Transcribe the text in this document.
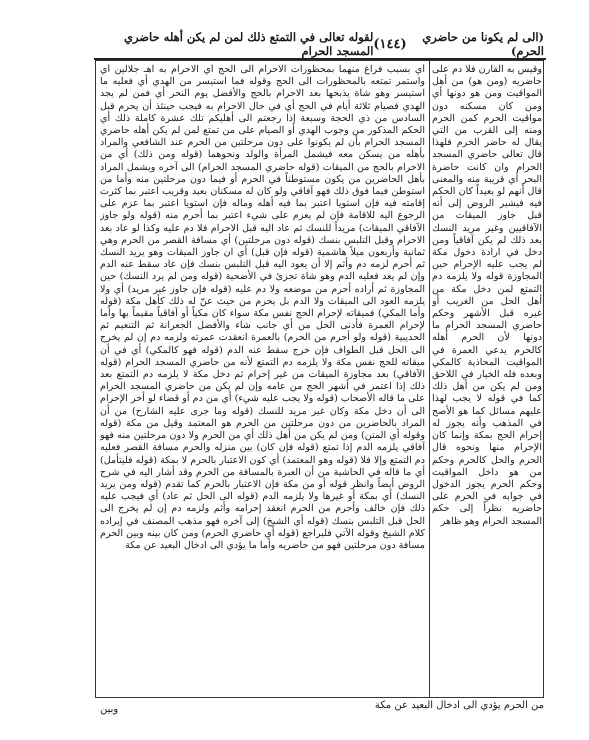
(الى لم يكونا من حاضري الحرم)
(١٤٤)
لقوله تعالى في التمتع ذلك لمن لم يكن أهله حاضري المسجد الحرام

وقيس به القارن فلا دم على حاضريه (ومن هو) من أهل المواقيت ومن هو دونها أي ومن كان مسكنه دون مواقيت الحرم كمن الحرم ومنه إلى القرب من التي يقال له حاضر الحرم فلهذا قال تعالى حاضري المسجد الحرام وان كانت حاضرة البحر أي قريبة منه والمعنى قال أنهم لو بعيداً كان الحكم فيه فيشير الروض إلى أنه قبل جاوز الميقات من الآفاقيين وغير مريد النسك بعد ذلك لم يكن آفاقياً ومن دخل في ارادة دخول مكة لم يجب عليه الإحرام حين المجاوزة قوله ولا يلزمه دم التمتع لمن دخل مكة من أهل الحل من الغريب أو غيره قبل الأشهر وحكم حاضري المسجد الحرام ما دونها لأن الحرم أهله كالحرم يدعي العمرة في المواقيت المحاذية كالمكي وبعده فله الخيار في اللاحق ومن لم يكن من أهل ذلك كما في قوله لا يجب لهذا عليهم مسائل كما هو الأصح في المذهب وأنه يجوز له إحرام الحج بمكة وإنما كان الإحرام منها ونحوه قال الحرم والحل كالحرم وحكم من هو داخل المواقيت وحكم الحرم يجوز الدخول في جوابه في الحرم على حاضريه نظراً إلى حكم المسجد الحرام وهو ظاهر

أي بسبب فراغ منهما بمحظورات الاحرام الى الحج أي الاحرام به اهـ جلالين أي واستمر تمتعه بالمحظورات الى الحج وقوله فما استيسر من الهدي أي فعليه ما استيسر وهو شاة يذبحها بعد الاحرام بالحج والأفضل يوم النحر أي فمن لم يجد الهدي فصيام ثلاثة أيام في الحج أي في حال الاحرام به فيجب حينئذ أن يحرم قبل السادس من ذي الحجة وسبعة إذا رجعتم الى أهليكم تلك عشرة كاملة ذلك أي الحكم المذكور من وجوب الهدي أو الصيام على من تمتع لمن لم يكن أهله حاضري المسجد الحرام بأن لم يكونوا على دون مرحلتين من الحرم عند الشافعي والمراد بأهله من يسكن معه فيشمل المرأة والولد ونحوهما (قوله ومن ذلك) أي من الاحرام بالحج من الميقات (قوله حاضري المسجد الحرام) الى آخره ويشمل المراد بأهل الحاضرين من يكون مستوطناً في الحرم أو فيما دون مرحلتين منه وأما من استوطن فيما فوق ذلك فهو آفاقي ولو كان له مسكنان بعيد وقريب اعتبر بما كثرت إقامته فيه فإن استويا اعتبر بما فيه أهله وماله فإن استويا اعتبر بما عزم على الرجوع اليه للاقامة فإن لم يعزم على شيء اعتبر بما أحرم منه (قوله ولو جاوز الآفاقي الميقات) مريداً للنسك ثم عاد اليه قبل الاحرام فلا دم عليه وكذا لو عاد بعد الاحرام وقبل التلبس بنسك (قوله دون مرحلتين) أي مسافة القصر من الحرم وهي ثمانية وأربعون ميلاً هاشمية (قوله فإن قبل) أي ان جاوز الميقات وهو يريد النسك ثم أحرم لزمه دم وأثم إلا أن يعود اليه قبل التلبس بنسك فإن عاد سقط عنه الدم وإن لم يعد فعليه الدم وهو شاة تجزئ في الأضحية (قوله ومن لم يرد النسك) حين المجاوزة ثم أراده أحرم من موضعه ولا دم عليه (قوله فإن جاوز غير مريد) أي ولا يلزمه العود الى الميقات ولا الدم بل يحرم من حيث عنّ له ذلك كأهل مكة (قوله وأما المكي) فميقاته لإحرام الحج نفس مكة سواء كان مكياً أو آفاقياً مقيماً بها وأما لإحرام العمرة فأدنى الحل من أي جانب شاء والأفضل الجعرانة ثم التنعيم ثم الحديبية (قوله ولو أحرم من الحرم) بالعمرة انعقدت عمرته ولزمه دم إن لم يخرج الى الحل قبل الطواف فإن خرج سقط عنه الدم (قوله فهو كالمكي) أي في أن ميقاته للحج نفس مكة ولا يلزمه دم التمتع لأنه من حاضري المسجد الحرام (قوله الآفاقي) بعد مجاوزة الميقات من غير إحرام ثم دخل مكة لا يلزمه دم التمتع بعد ذلك إذا اعتمر في أشهر الحج من عامه وإن لم يكن من حاضري المسجد الحرام على ما قاله الأصحاب (قوله ولا يجب عليه شيء) أي من دم أو قضاء لو أخر الإحرام الى أن دخل مكة وكان غير مريد للنسك (قوله وما جرى عليه الشارح) من أن المراد بالحاضرين من دون مرحلتين من الحرم هو المعتمد وقيل من مكة (قوله وقوله أي المتن) ومن لم يكن من أهل ذلك أي من الحرم ولا دون مرحلتين منه فهو آفاقي يلزمه الدم إذا تمتع (قوله فإن كان) بين منزله والحرم مسافة القصر فعليه دم التمتع وإلا فلا (قوله وهو المعتمد) أي كون الاعتبار بالحرم لا بمكة (قوله فليتأمل) أي ما قاله في الحاشية من أن العبرة بالمسافة من الحرم وقد أشار اليه في شرح الروض أيضاً وانظر قوله أو من مكة فإن الاعتبار بالحرم كما تقدم (قوله ومن يريد النسك) أي بمكة أو غيرها ولا يلزمه الدم (قوله الى الحل ثم عاد) أي فيجب عليه ذلك فإن خالف وأحرم من الحرم انعقد إحرامه وأثم ولزمه دم إن لم يخرج الى الحل قبل التلبس بنسك (قوله أي الشيخ) إلى آخره فهو مذهب المصنف في إيراده كلام الشيخ وقوله الآتي فليراجع (قوله أي حاضري الحرم) ومن كان بينه وبين الحرم مسافة دون مرحلتين فهو من حاضريه وأما ما يؤدي الى ادخال البعيد عن مكة

من الحرم يؤدي الى ادخال البعيد عن مكة
وبين
